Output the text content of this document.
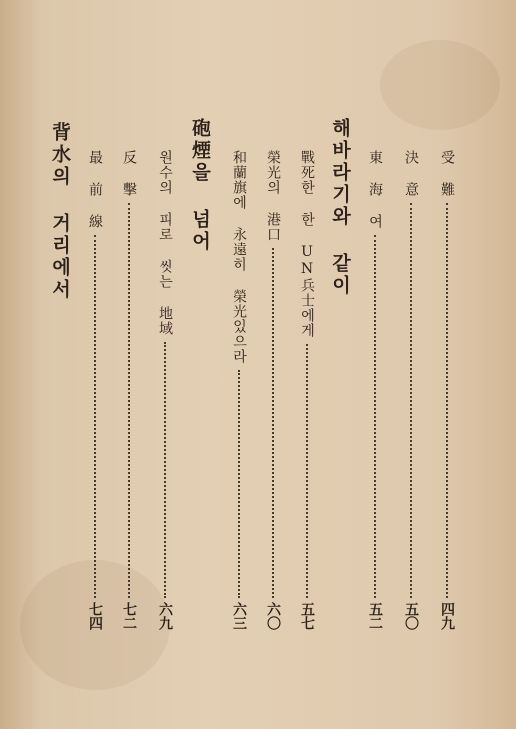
受 難
四九
決 意
五〇
東 海 여
五二
해바라기와 같이
戰死한 한 UN兵士에게
五七
榮光의 港口
六〇
和蘭旗에 永遠히 榮光있으라
六三
砲煙을 넘어
원수의 피로 씻는 地域
六九
反 擊
七二
最 前 線
七四
背水의 거리에서
